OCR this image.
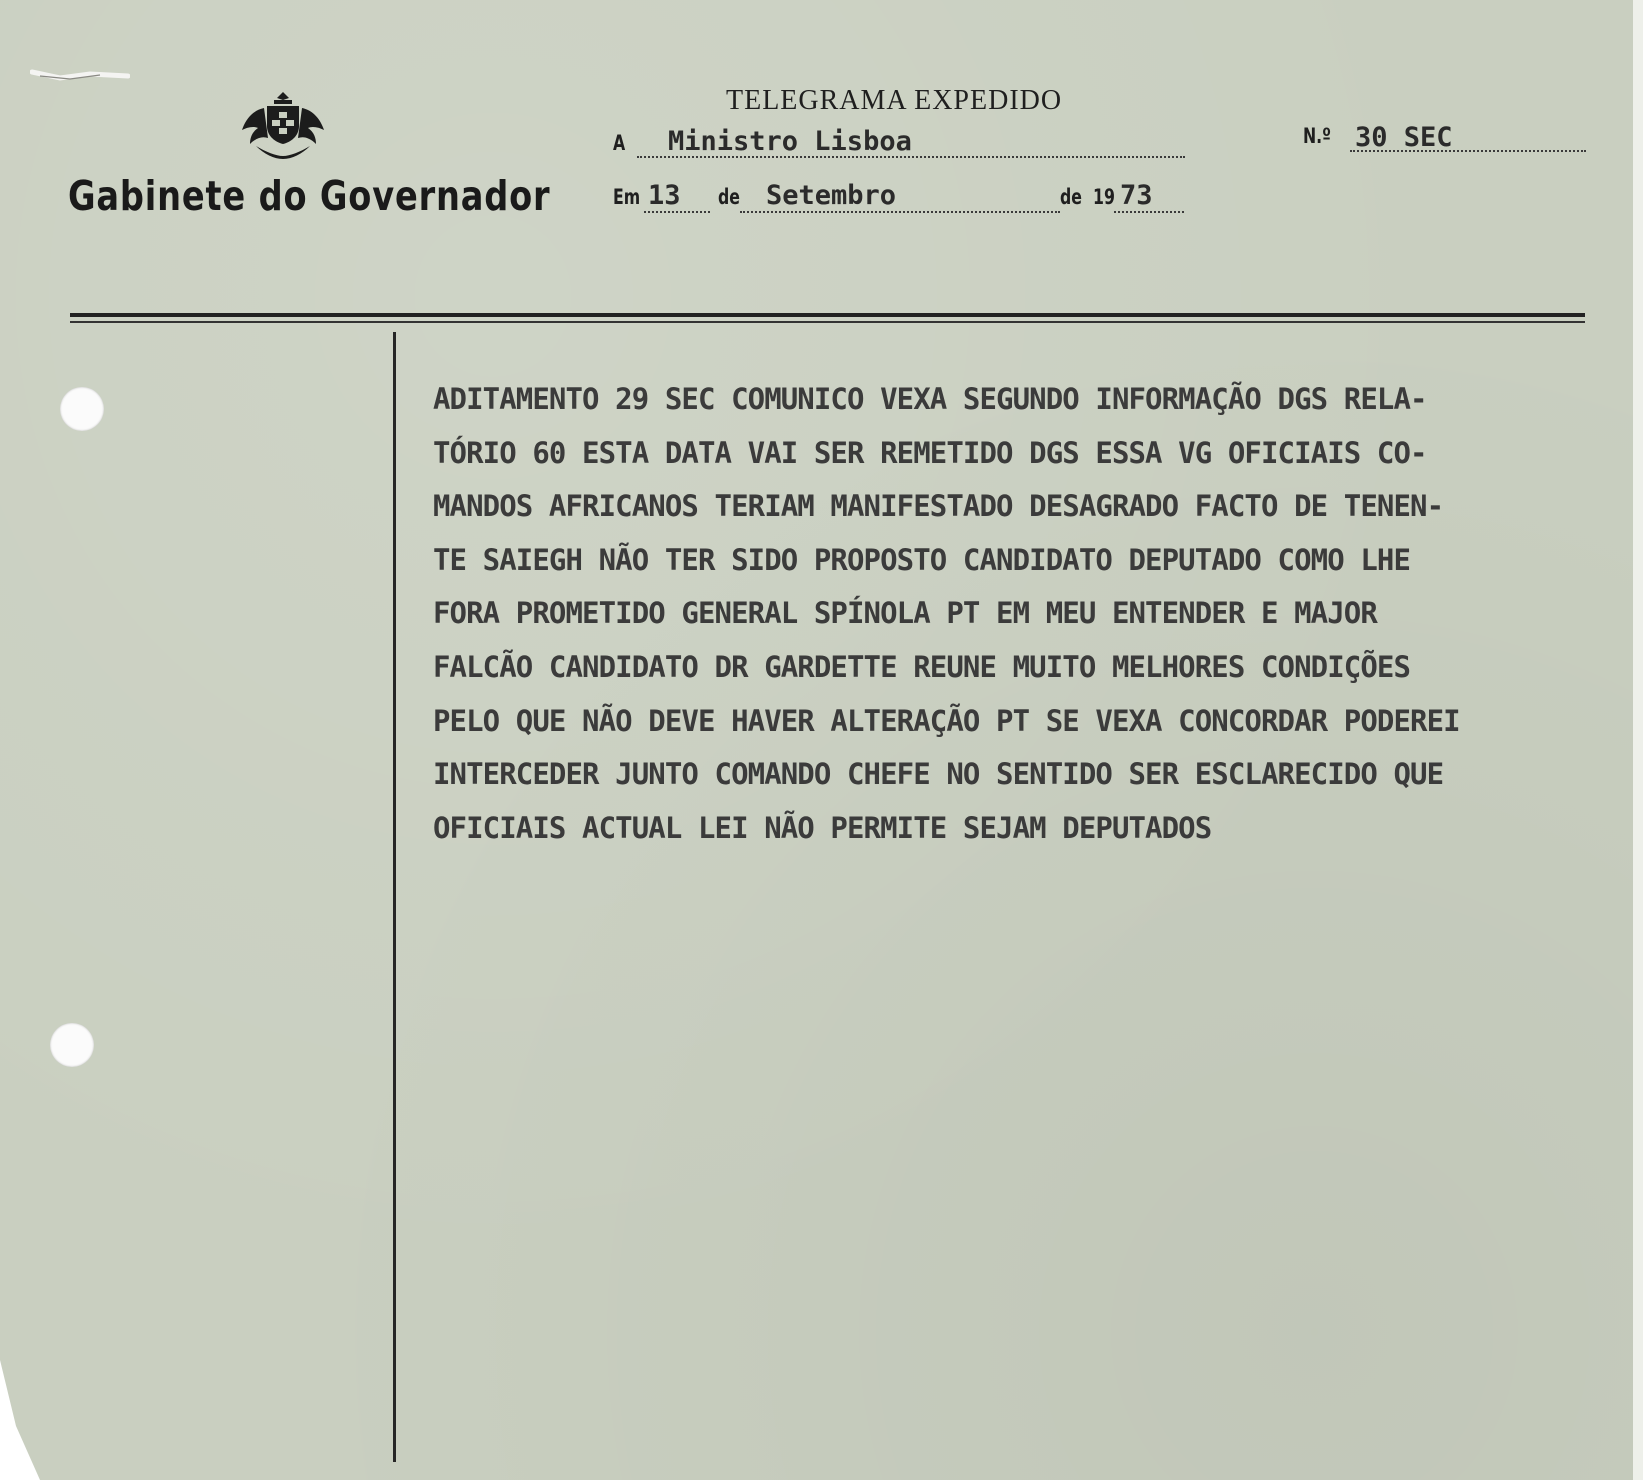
Gabinete do Governador
TELEGRAMA EXPEDIDO
A Ministro Lisboa	N.º 30 SEC
Em 13 de Setembro	de 19 73
ADITAMENTO 29 SEC COMUNICO VEXA SEGUNDO INFORMAÇÃO DGS RELA-
TÓRIO 60 ESTA DATA VAI SER REMETIDO DGS ESSA VG OFICIAIS CO-
MANDOS AFRICANOS TERIAM MANIFESTADO DESAGRADO FACTO DE TENEN-
TE SAIEGH NÃO TER SIDO PROPOSTO CANDIDATO DEPUTADO COMO LHE
FORA PROMETIDO GENERAL SPÍNOLA PT EM MEU ENTENDER E MAJOR
FALCÃO CANDIDATO DR GARDETTE REUNE MUITO MELHORES CONDIÇÕES
PELO QUE NÃO DEVE HAVER ALTERAÇÃO PT SE VEXA CONCORDAR PODEREI
INTERCEDER JUNTO COMANDO CHEFE NO SENTIDO SER ESCLARECIDO QUE
OFICIAIS ACTUAL LEI NÃO PERMITE SEJAM DEPUTADOS
